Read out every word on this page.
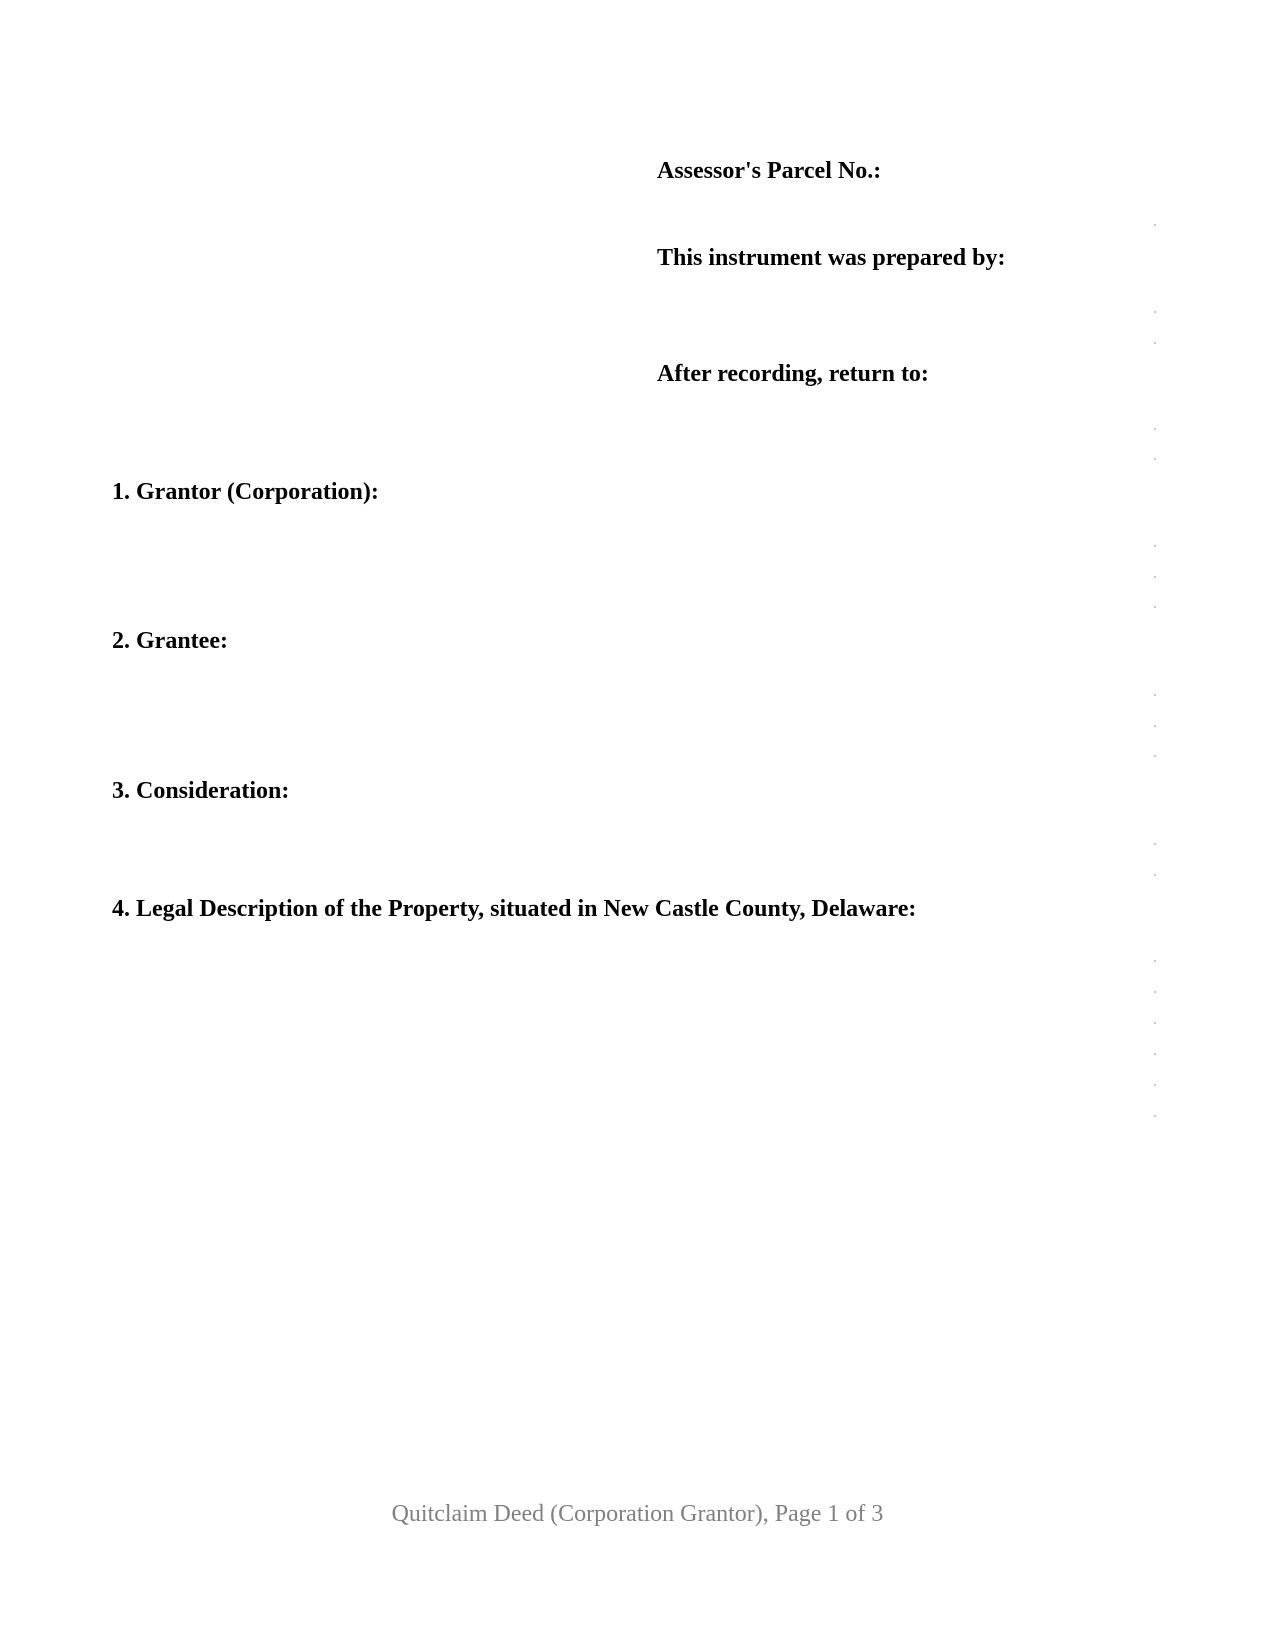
Assessor's Parcel No.:
This instrument was prepared by:
After recording, return to:
1. Grantor (Corporation):
2. Grantee:
3. Consideration:
4. Legal Description of the Property, situated in New Castle County, Delaware:
Quitclaim Deed (Corporation Grantor), Page 1 of 3
